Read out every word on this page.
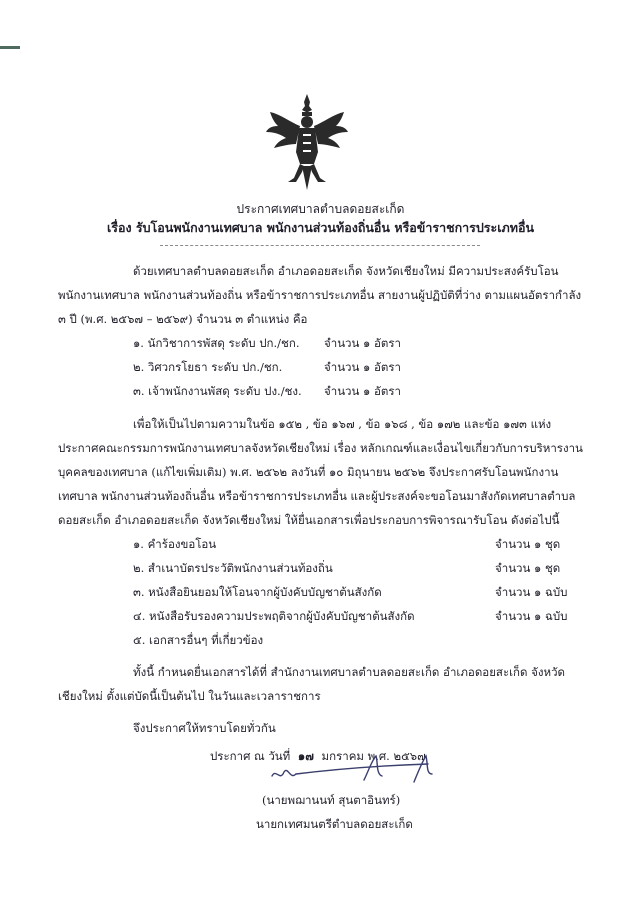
ประกาศเทศบาลตำบลดอยสะเก็ด
เรื่อง รับโอนพนักงานเทศบาล พนักงานส่วนท้องถิ่นอื่น หรือข้าราชการประเภทอื่น
ด้วยเทศบาลตำบลดอยสะเก็ด อำเภอดอยสะเก็ด จังหวัดเชียงใหม่ มีความประสงค์รับโอน
พนักงานเทศบาล พนักงานส่วนท้องถิ่น หรือข้าราชการประเภทอื่น สายงานผู้ปฏิบัติที่ว่าง ตามแผนอัตรากำลัง
๓ ปี (พ.ศ. ๒๕๖๗ – ๒๕๖๙) จำนวน ๓ ตำแหน่ง คือ
๑. นักวิชาการพัสดุ ระดับ ปก./ชก. จำนวน ๑ อัตรา
๒. วิศวกรโยธา ระดับ ปก./ชก.	จำนวน ๑ อัตรา
๓. เจ้าพนักงานพัสดุ ระดับ ปง./ชง. จำนวน ๑ อัตรา
เพื่อให้เป็นไปตามความในข้อ ๑๕๒ , ข้อ ๑๖๗ , ข้อ ๑๖๘ , ข้อ ๑๗๒ และข้อ ๑๗๓ แห่ง
ประกาศคณะกรรมการพนักงานเทศบาลจังหวัดเชียงใหม่ เรื่อง หลักเกณฑ์และเงื่อนไขเกี่ยวกับการบริหารงาน
บุคคลของเทศบาล (แก้ไขเพิ่มเติม) พ.ศ. ๒๕๖๒ ลงวันที่ ๑๐ มิถุนายน ๒๕๖๒ จึงประกาศรับโอนพนักงาน
เทศบาล พนักงานส่วนท้องถิ่นอื่น หรือข้าราชการประเภทอื่น และผู้ประสงค์จะขอโอนมาสังกัดเทศบาลตำบล
ดอยสะเก็ด อำเภอดอยสะเก็ด จังหวัดเชียงใหม่ ให้ยื่นเอกสารเพื่อประกอบการพิจารณารับโอน ดังต่อไปนี้
๑. คำร้องขอโอน	จำนวน ๑ ชุด
๒. สำเนาบัตรประวัติพนักงานส่วนท้องถิ่น	จำนวน ๑ ชุด
๓. หนังสือยินยอมให้โอนจากผู้บังคับบัญชาต้นสังกัด	จำนวน ๑ ฉบับ
๔. หนังสือรับรองความประพฤติจากผู้บังคับบัญชาต้นสังกัด	จำนวน ๑ ฉบับ
๕. เอกสารอื่นๆ ที่เกี่ยวข้อง
ทั้งนี้ กำหนดยื่นเอกสารได้ที่ สำนักงานเทศบาลตำบลดอยสะเก็ด อำเภอดอยสะเก็ด จังหวัด
เชียงใหม่ ตั้งแต่บัดนี้เป็นต้นไป ในวันและเวลาราชการ
จึงประกาศให้ทราบโดยทั่วกัน
ประกาศ ณ วันที่ ๑๗ มกราคม พ.ศ. ๒๕๖๗
(นายพฌานนท์ สุนตาอินทร์)
นายกเทศมนตรีตำบลดอยสะเก็ด
